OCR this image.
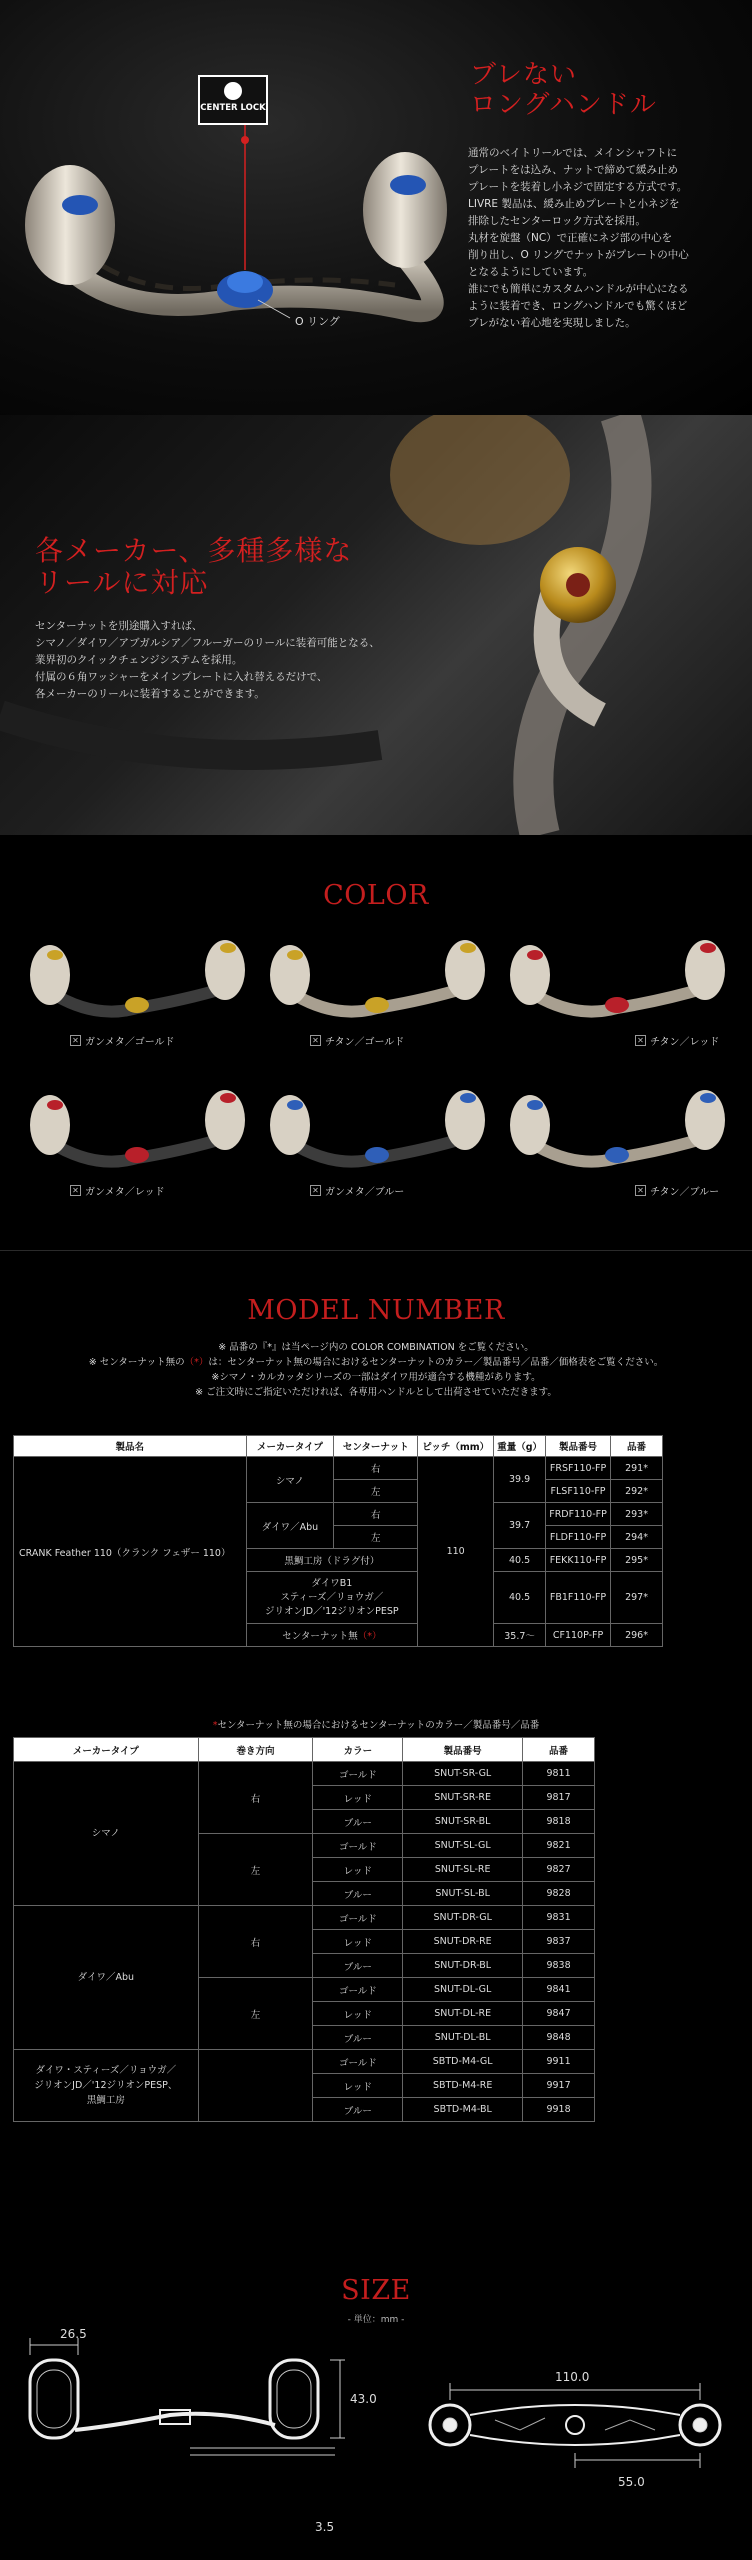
CENTER LOCK
O リング
ブレない
ロングハンドル
通常のベイトリールでは、メインシャフトに
プレートをは込み、ナットで締めて緩み止め
プレートを装着し小ネジで固定する方式です。
LIVRE 製品は、緩み止めプレートと小ネジを
排除したセンターロック方式を採用。
丸材を旋盤（NC）で正確にネジ部の中心を
削り出し、O リングでナットがプレートの中心
となるようにしています。
誰にでも簡単にカスタムハンドルが中心になる
ように装着でき、ロングハンドルでも驚くほど
ブレがない着心地を実現しました。
各メーカー、多種多様な
リールに対応
センターナットを別途購入すれば、
シマノ／ダイワ／アブガルシア／フルーガーのリールに装着可能となる、
業界初のクイックチェンジシステムを採用。
付属の６角ワッシャーをメインプレートに入れ替えるだけで、
各メーカーのリールに装着することができます。
COLOR
✕ ガンメタ／ゴールド	✕ チタン／ゴールド	✕ チタン／レッド
✕ ガンメタ／レッド	✕ ガンメタ／ブルー	✕ チタン／ブルー
MODEL NUMBER
※ 品番の『*』は当ページ内の COLOR COMBINATION をご覧ください。
※ センターナット無の（*）は：センターナット無の場合におけるセンターナットのカラー／製品番号／品番／価格表をご覧ください。
※シマノ・カルカッタシリーズの一部はダイワ用が適合する機種があります。
※ ご注文時にご指定いただければ、各専用ハンドルとして出荷させていただきます。
製品名	メーカータイプ	センターナット	ピッチ（mm）	重量（g）	製品番号	品番
CRANK Feather 110（クランク フェザー 110）	シマノ	右	110	39.9	FRSF110-FP	291*
		左			FLSF110-FP	292*
	ダイワ／Abu	右		39.7	FRDF110-FP	293*
		左			FLDF110-FP	294*
	黒鯛工房（ドラグ付）			40.5	FEKK110-FP	295*
	ダイワB1
スティーズ／リョウガ／
ジリオンJD／'12ジリオンPESP			40.5	FB1F110-FP	297*
	センターナット無（*）			35.7～	CF110P-FP	296*
*センターナット無の場合におけるセンターナットのカラー／製品番号／品番
メーカータイプ	巻き方向	カラー	製品番号	品番
シマノ	右	ゴールド	SNUT-SR-GL	9811
		レッド	SNUT-SR-RE	9817
		ブルー	SNUT-SR-BL	9818
	左	ゴールド	SNUT-SL-GL	9821
		レッド	SNUT-SL-RE	9827
		ブルー	SNUT-SL-BL	9828
ダイワ／Abu	右	ゴールド	SNUT-DR-GL	9831
		レッド	SNUT-DR-RE	9837
		ブルー	SNUT-DR-BL	9838
	左	ゴールド	SNUT-DL-GL	9841
		レッド	SNUT-DL-RE	9847
		ブルー	SNUT-DL-BL	9848
ダイワ・スティーズ／リョウガ／
ジリオンJD／'12ジリオンPESP、
黒鯛工房		ゴールド	SBTD-M4-GL	9911
		レッド	SBTD-M4-RE	9917
		ブルー	SBTD-M4-BL	9918
SIZE
- 単位：mm -
26.5
43.0
3.5
110.0
55.0
